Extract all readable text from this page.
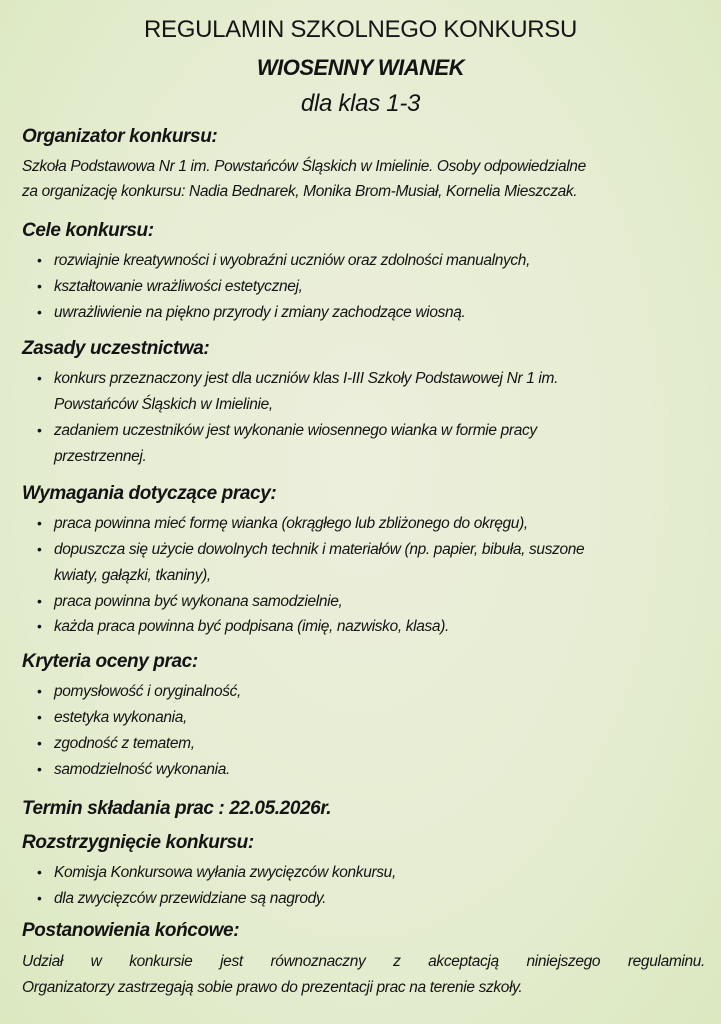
REGULAMIN SZKOLNEGO KONKURSU
WIOSENNY WIANEK
dla klas 1-3
Organizator konkursu:
Szkoła Podstawowa Nr 1 im. Powstańców Śląskich w Imielinie. Osoby odpowiedzialne
za organizację konkursu: Nadia Bednarek, Monika Brom-Musiał, Kornelia Mieszczak.
Cele konkursu:
• rozwiajnie kreatywności i wyobraźni uczniów oraz zdolności manualnych,
• kształtowanie wrażliwości estetycznej,
• uwrażliwienie na piękno przyrody i zmiany zachodzące wiosną.
Zasady uczestnictwa:
• konkurs przeznaczony jest dla uczniów klas I-III Szkoły Podstawowej Nr 1 im.
Powstańców Śląskich w Imielinie,
• zadaniem uczestników jest wykonanie wiosennego wianka w formie pracy
przestrzennej.
Wymagania dotyczące pracy:
• praca powinna mieć formę wianka (okrągłego lub zbliżonego do okręgu),
• dopuszcza się użycie dowolnych technik i materiałów (np. papier, bibuła, suszone
kwiaty, gałązki, tkaniny),
• praca powinna być wykonana samodzielnie,
• każda praca powinna być podpisana (imię, nazwisko, klasa).
Kryteria oceny prac:
• pomysłowość i oryginalność,
• estetyka wykonania,
• zgodność z tematem,
• samodzielność wykonania.
Termin składania prac : 22.05.2026r.
Rozstrzygnięcie konkursu:
• Komisja Konkursowa wyłania zwycięzców konkursu,
• dla zwycięzców przewidziane są nagrody.
Postanowienia końcowe:
Udział w konkursie jest równoznaczny z akceptacją niniejszego regulaminu.
Organizatorzy zastrzegają sobie prawo do prezentacji prac na terenie szkoły.
